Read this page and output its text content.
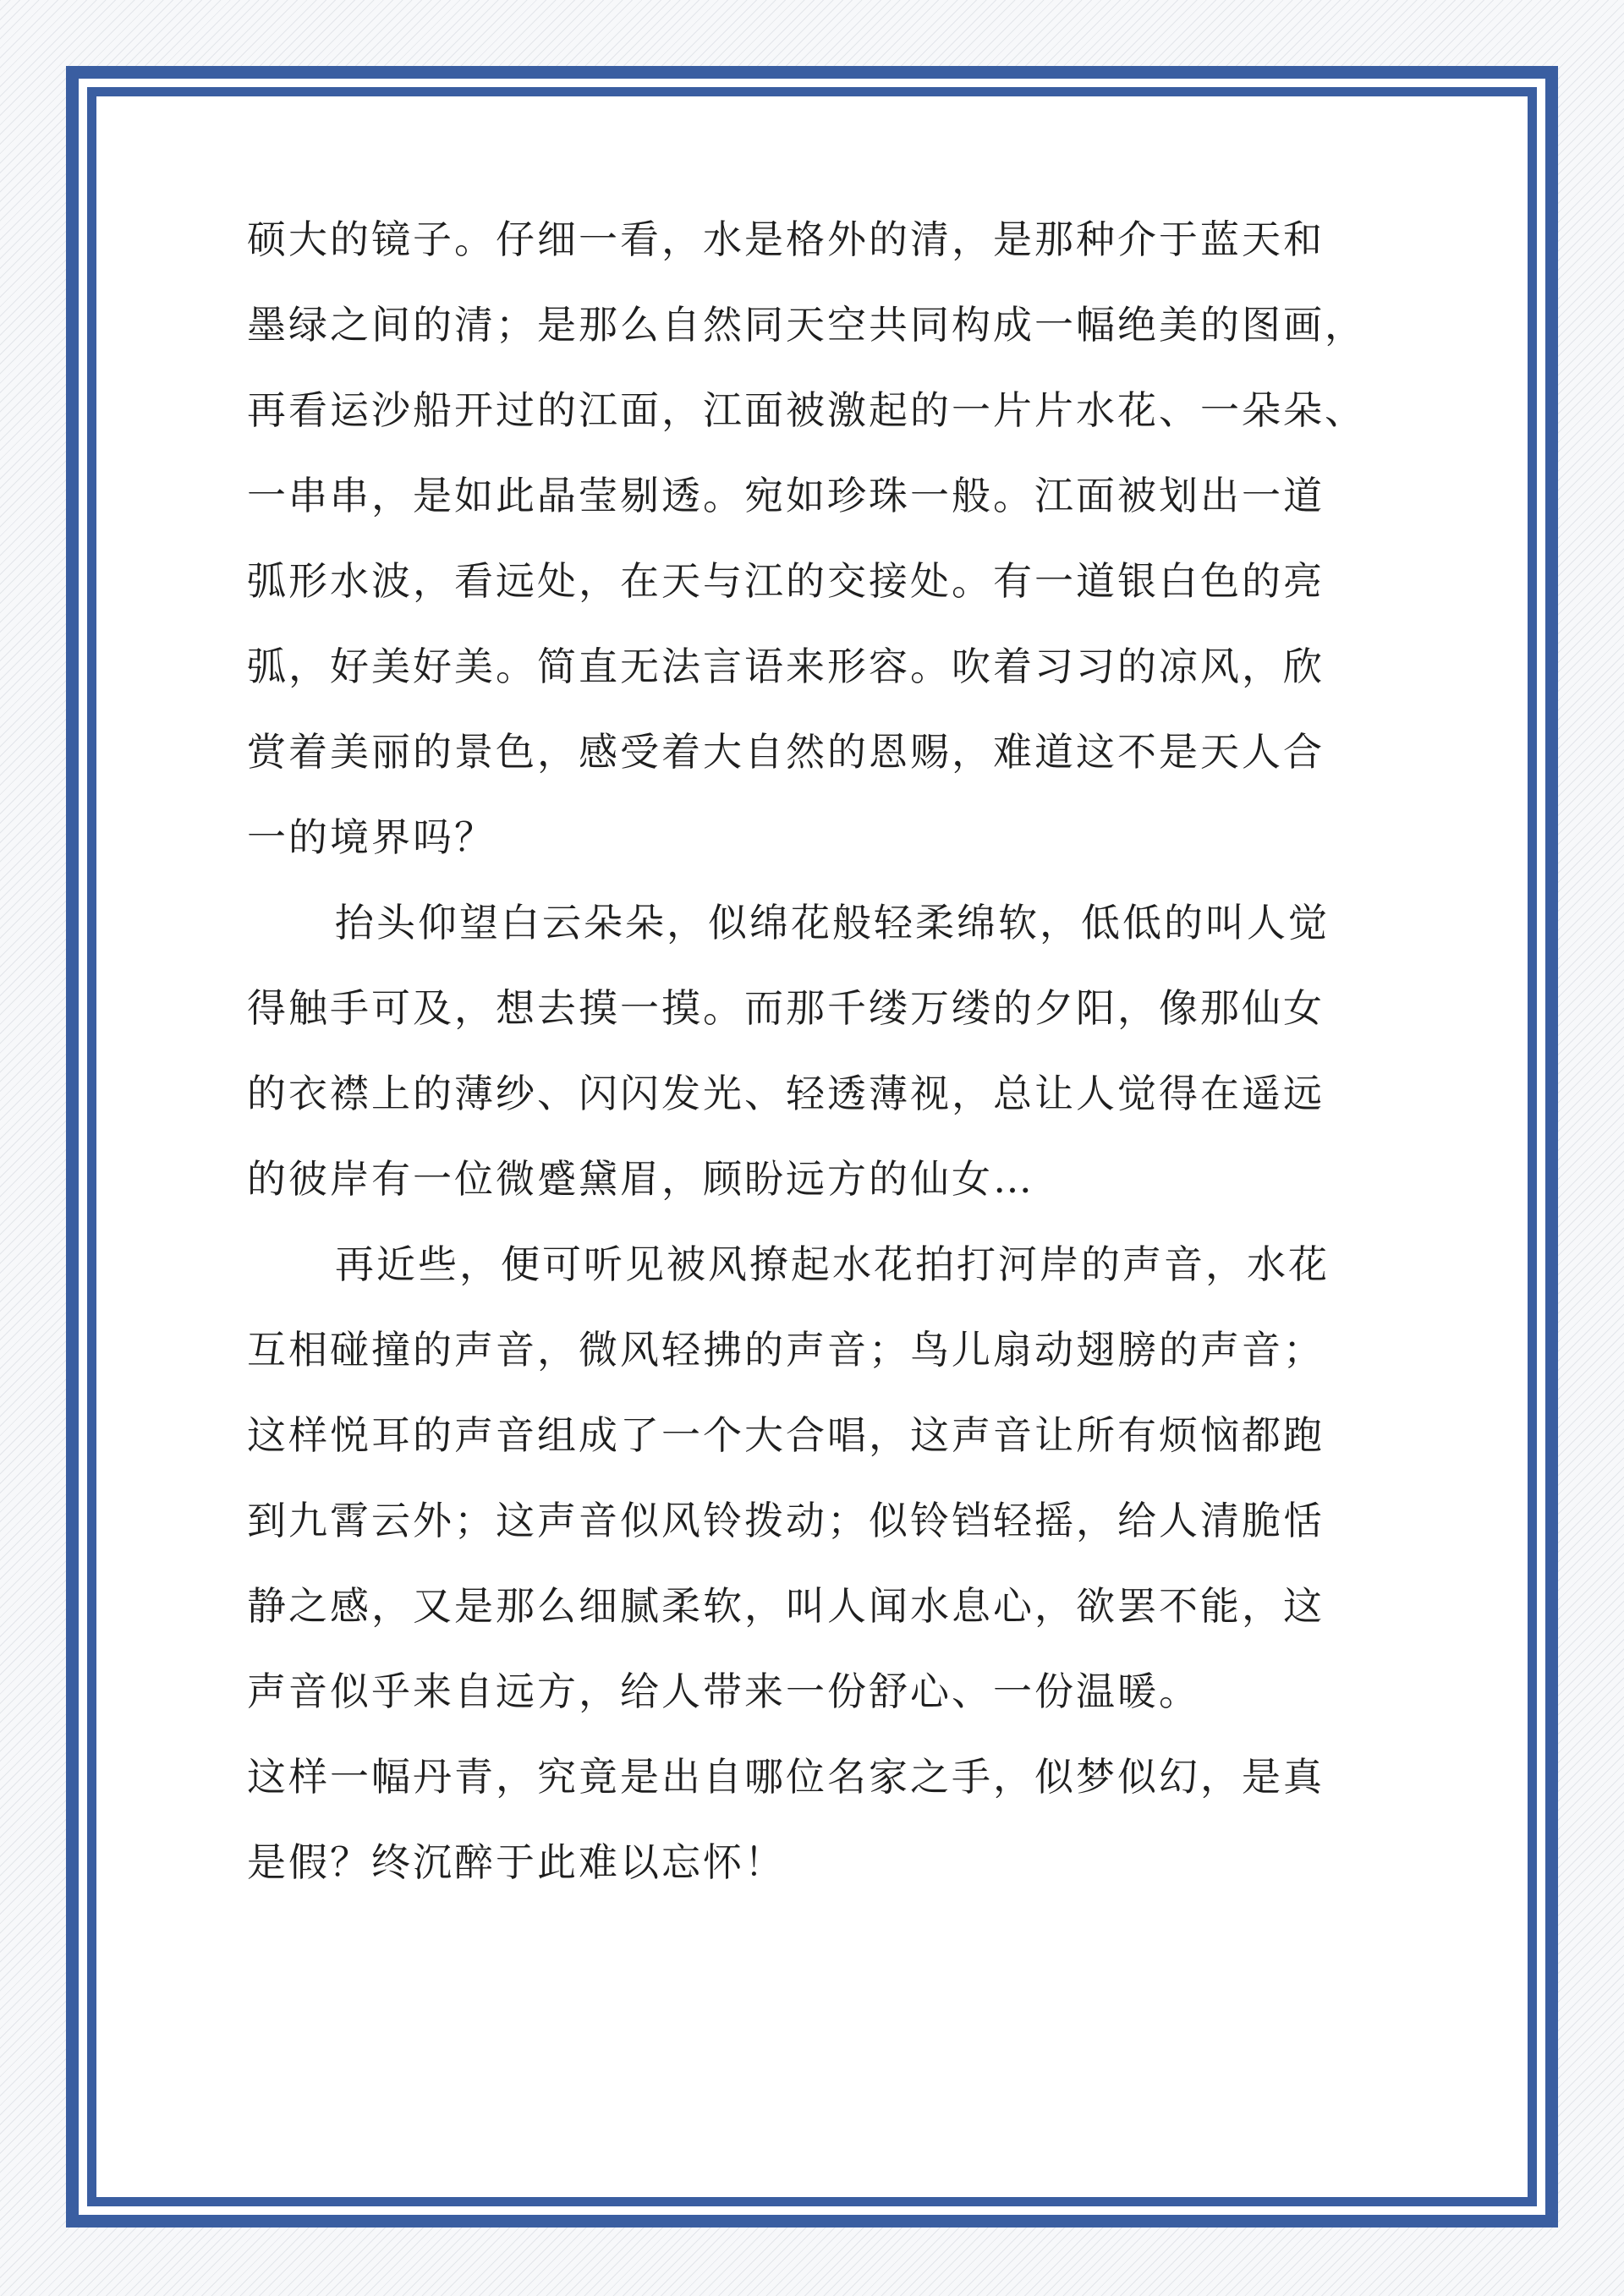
硕大的镜子。仔细一看，水是格外的清，是那种介于蓝天和

墨绿之间的清；是那么自然同天空共同构成一幅绝美的图画，

再看运沙船开过的江面，江面被激起的一片片水花、一朵朵、

一串串，是如此晶莹剔透。宛如珍珠一般。江面被划出一道

弧形水波，看远处，在天与江的交接处。有一道银白色的亮

弧，好美好美。简直无法言语来形容。吹着习习的凉风，欣

赏着美丽的景色，感受着大自然的恩赐，难道这不是天人合

一的境界吗？

抬头仰望白云朵朵，似绵花般轻柔绵软，低低的叫人觉

得触手可及，想去摸一摸。而那千缕万缕的夕阳，像那仙女

的衣襟上的薄纱、闪闪发光、轻透薄视，总让人觉得在遥远

的彼岸有一位微蹙黛眉，顾盼远方的仙女…

再近些，便可听见被风撩起水花拍打河岸的声音，水花

互相碰撞的声音，微风轻拂的声音；鸟儿扇动翅膀的声音；

这样悦耳的声音组成了一个大合唱，这声音让所有烦恼都跑

到九霄云外；这声音似风铃拨动；似铃铛轻摇，给人清脆恬

静之感，又是那么细腻柔软，叫人闻水息心，欲罢不能，这

声音似乎来自远方，给人带来一份舒心、一份温暖。

这样一幅丹青，究竟是出自哪位名家之手，似梦似幻，是真

是假？终沉醉于此难以忘怀！
